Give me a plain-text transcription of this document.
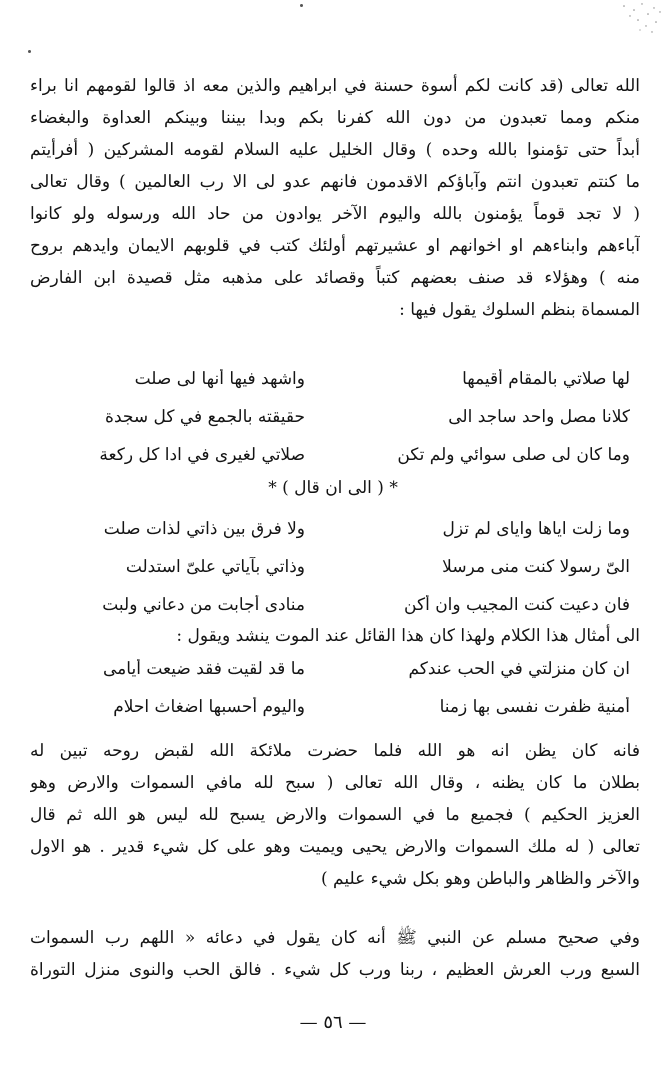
الله تعالى (قد كانت لكم أسوة حسنة في ابراهيم والذين معه اذ قالوا لقومهم انا براء
منكم ومما تعبدون من دون الله كفرنا بكم وبدا بيننا وبينكم العداوة والبغضاء
أبداً حتى تؤمنوا بالله وحده ) وقال الخليل عليه السلام لقومه المشركين ( أفرأيتم
ما كنتم تعبدون انتم وآباؤكم الاقدمون فانهم عدو لى الا رب العالمين ) وقال تعالى
( لا تجد قوماً يؤمنون بالله واليوم الآخر يوادون من حاد الله ورسوله ولو كانوا
آباءهم وابناءهم او اخوانهم او عشيرتهم أولئك كتب في قلوبهم الايمان وايدهم بروح
منه ) وهؤلاء قد صنف بعضهم كتباً وقصائد على مذهبه مثل قصيدة ابن الفارض
المسماة بنظم السلوك يقول فيها :
لها صلاتي بالمقام أقيمها
واشهد فيها أنها لى صلت
كلانا مصل واحد ساجد الى
حقيقته بالجمع في كل سجدة
وما كان لى صلى سوائي ولم تكن
صلاتي لغيرى في ادا كل ركعة
* ( الى ان قال ) *
وما زلت اياها واياى لم تزل
ولا فرق بين ذاتي لذات صلت
الىّ رسولا كنت منى مرسلا
وذاتي بآياتي علىّ استدلت
فان دعيت كنت المجيب وان أكن
منادى أجابت من دعاني ولبت
الى أمثال هذا الكلام ولهذا كان هذا القائل عند الموت ينشد ويقول :
ان كان منزلتي في الحب عندكم
ما قد لقيت فقد ضيعت أيامى
أمنية ظفرت نفسى بها زمنا
واليوم أحسبها اضغاث احلام
فانه كان يظن انه هو الله فلما حضرت ملائكة الله لقبض روحه تبين له
بطلان ما كان يظنه ، وقال الله تعالى ( سبح لله مافي السموات والارض وهو
العزيز الحكيم ) فجميع ما في السموات والارض يسبح لله ليس هو الله ثم قال
تعالى ( له ملك السموات والارض يحيى ويميت وهو على كل شيء قدير . هو الاول
والآخر والظاهر والباطن وهو بكل شيء عليم )
وفي صحيح مسلم عن النبي ﷺ أنه كان يقول في دعائه « اللهم رب السموات
السبع ورب العرش العظيم ، ربنا ورب كل شيء . فالق الحب والنوى منزل التوراة
— ٥٦ —
